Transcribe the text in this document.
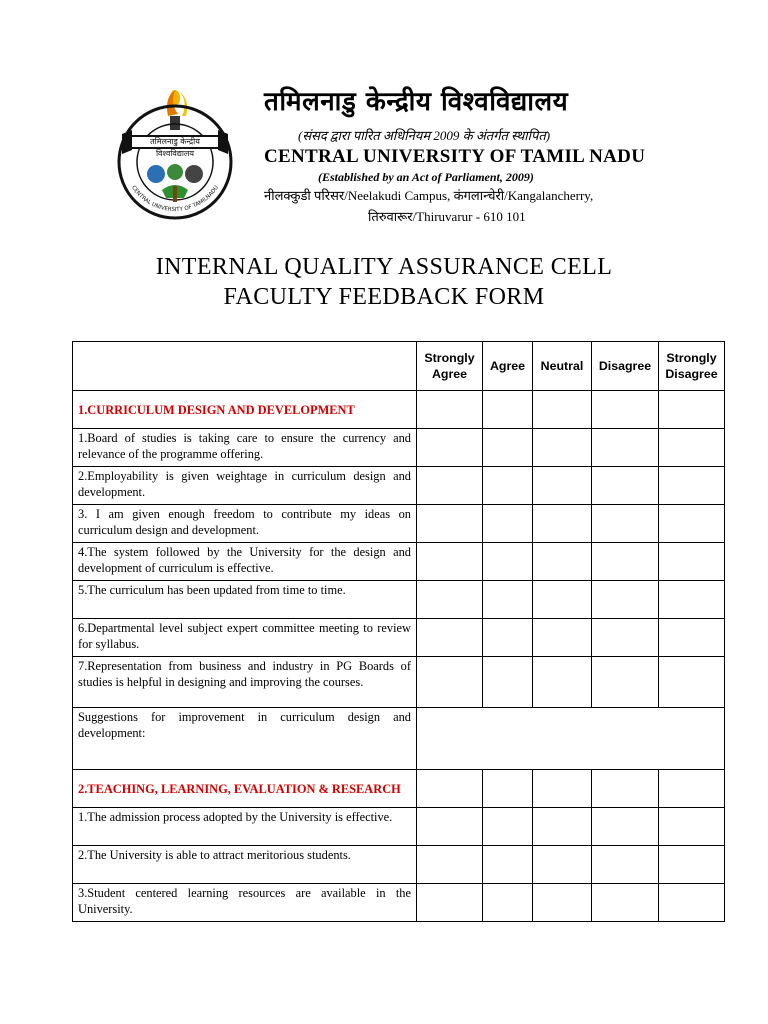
तमिलनाडु केन्द्रीय
विश्वविद्यालय
CENTRAL UNIVERSITY OF TAMILNADU
तमिलनाडु केन्द्रीय विश्वविद्यालय
(संसद द्वारा पारित अधिनियम 2009 के अंतर्गत स्थापित)
CENTRAL UNIVERSITY OF TAMIL NADU
(Established by an Act of Parliament, 2009)
नीलक्कुडी परिसर/Neelakudi Campus, कंगलान्चेरी/Kangalancherry,
तिरुवारूर/Thiruvarur - 610 101
INTERNAL QUALITY ASSURANCE CELL
FACULTY FEEDBACK FORM
	Strongly Agree	Agree	Neutral	Disagree	Strongly Disagree
1.CURRICULUM DESIGN AND DEVELOPMENT					
1.Board of studies is taking care to ensure the currency and relevance of the programme offering.					
2.Employability is given weightage in curriculum design and development.					
3. I am given enough freedom to contribute my ideas on curriculum design and development.					
4.The system followed by the University for the design and development of curriculum is effective.					
5.The curriculum has been updated from time to time.					
6.Departmental level subject expert committee meeting to review for syllabus.					
7.Representation from business and industry in PG Boards of studies is helpful in designing and improving the courses.					
Suggestions for improvement in curriculum design and development:					
2.TEACHING, LEARNING, EVALUATION & RESEARCH					
1.The admission process adopted by the University is effective.					
2.The University is able to attract meritorious students.					
3.Student centered learning resources are available in the University.					
